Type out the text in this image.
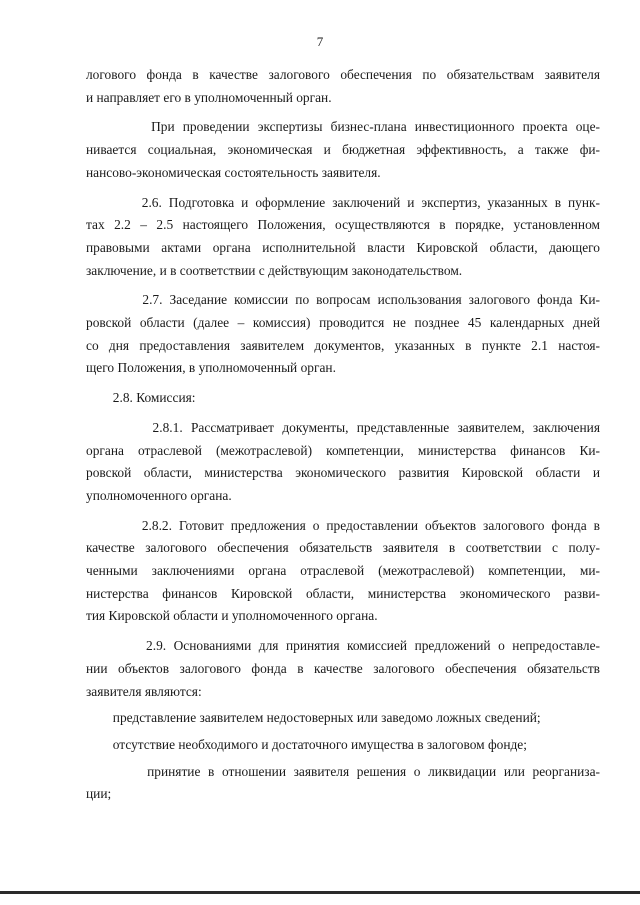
7
логового фонда в качестве залогового обеспечения по обязательствам заявителя
и направляет его в уполномоченный орган.
При проведении экспертизы бизнес-плана инвестиционного проекта оце-
нивается социальная, экономическая и бюджетная эффективность, а также фи-
нансово-экономическая состоятельность заявителя.
2.6. Подготовка и оформление заключений и экспертиз, указанных в пунк-
тах 2.2 – 2.5 настоящего Положения, осуществляются в порядке, установленном
правовыми актами органа исполнительной власти Кировской области, дающего
заключение, и в соответствии с действующим законодательством.
2.7. Заседание комиссии по вопросам использования залогового фонда Ки-
ровской области (далее – комиссия) проводится не позднее 45 календарных дней
со дня предоставления заявителем документов, указанных в пункте 2.1 настоя-
щего Положения, в уполномоченный орган.
2.8. Комиссия:
2.8.1. Рассматривает документы, представленные заявителем, заключения
органа отраслевой (межотраслевой) компетенции, министерства финансов Ки-
ровской области, министерства экономического развития Кировской области и
уполномоченного органа.
2.8.2. Готовит предложения о предоставлении объектов залогового фонда в
качестве залогового обеспечения обязательств заявителя в соответствии с полу-
ченными заключениями органа отраслевой (межотраслевой) компетенции, ми-
нистерства финансов Кировской области, министерства экономического разви-
тия Кировской области и уполномоченного органа.
2.9. Основаниями для принятия комиссией предложений о непредоставле-
нии объектов залогового фонда в качестве залогового обеспечения обязательств
заявителя являются:
представление заявителем недостоверных или заведомо ложных сведений;
отсутствие необходимого и достаточного имущества в залоговом фонде;
принятие в отношении заявителя решения о ликвидации или реорганиза-
ции;
